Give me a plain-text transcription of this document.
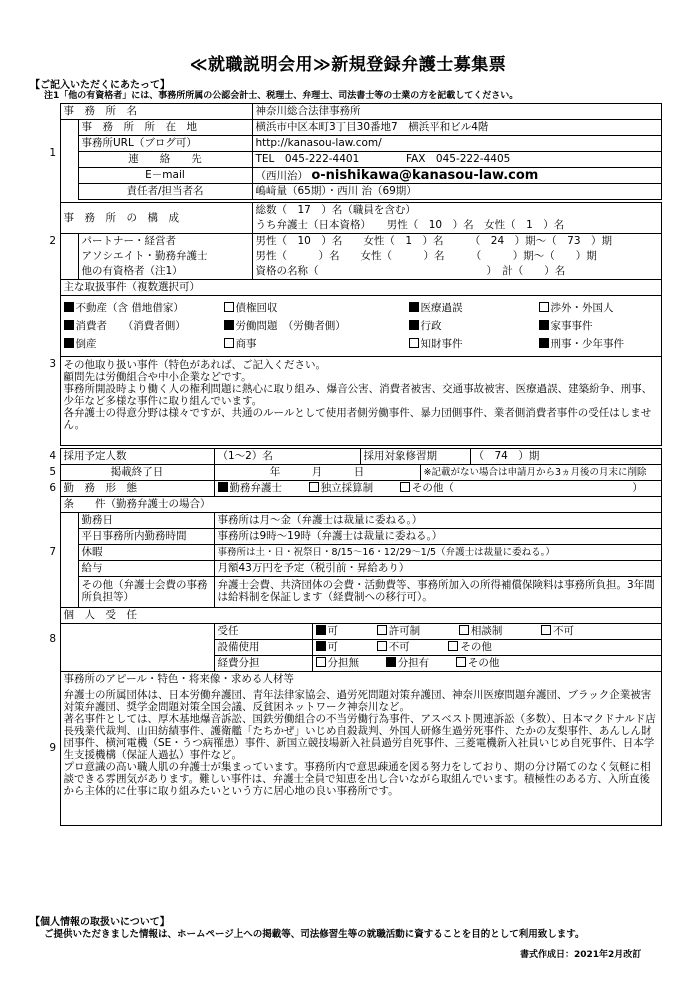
≪就職説明会用≫新規登録弁護士募集票
【ご記入いただくにあたって】
注1「他の有資格者」には、事務所所属の公認会計士、税理士、弁理士、司法書士等の士業の方を記載してください。
1	事　務　所　名			神奈川総合法律事務所				
		事　務　所　所　在　地		横浜市中区本町3丁目30番地7　横浜平和ビル4階				
		事務所URL（ブログ可）		http://kanasou-law.com/				
		連　　絡　　先		TEL　045-222-4401 FAX　045-222-4405				
		E－mail		（西川治） o-nishikawa@kanasou-law.com				
		責任者/担当者名		嶋﨑量（65期）・西川 治（69期）				

2	事　務　所　の　構　成			総数（　17　）名（職員を含む）				
				うち弁護士（日本資格）　　男性（　10　）名　女性（　1　）名				
		パートナー・経営者		男性（　10　）名　　女性（　1　）名　　　（　24　）期～（　73　）期				
		アソシエイト・勤務弁護士		男性（　　　）名　　女性（　　　）名　　　（　　　）期～（　　）期				
		他の有資格者（注1）		資格の名称（　　　　　　　　　　　　　　　　）　計（　　）名				
3	主な取扱事件（複数選択可）							

	不動産（含 借地借家） 債権回収 医療過誤 渉外・外国人
消費者　　（消費者側） 労働問題　（労働者側） 行政 家事事件
倒産 商事 知財事件 刑事・少年事件							

	その他取り扱い事件（特色があれば、ご記入ください。
顧問先は労働組合や中小企業などです。
事務所開設時より働く人の権利問題に熱心に取り組み、爆音公害、消費者被害、交通事故被害、医療過誤、建築紛争、刑事、少年など多様な事件に取り組んでいます。
各弁護士の得意分野は様々ですが、共通のルールとして使用者側労働事件、暴力団側事件、業者側消費者事件の受任はしません。							

4	採用予定人数		（1～2）名			採用対象修習期		（　74　）期
5	掲載終了日		年　　　月　　　日				※記載がない場合は申請月から3ヵ月後の月末に削除	
6	勤　務　形　態		勤務弁護士 独立採算制 その他（　　　　　　　　　　　　　　　　　）					
7	条　　件（勤務弁護士の場合）							
		勤務日	事務所は月～金（弁護士は裁量に委ねる。）					
		平日事務所内勤務時間	事務所は9時～19時（弁護士は裁量に委ねる。）					
		休暇	事務所は土・日・祝祭日・8/15～16・12/29～1/5（弁護士は裁量に委ねる。）					
		給与	月額43万円を予定（税引前・昇給あり）					
		その他（弁護士会費の事務所負担等）	弁護士会費、共済団体の会費・活動費等、事務所加入の所得補償保険料は事務所負担。3年間は給料制を保証します（経費制への移行可）。					
8	個　人　受　任							
			受任		可 許可制 相談制 不可			
			設備使用		可 不可 その他			
			経費分担		分担無 分担有 その他			
9	事務所のアピール・特色・将来像・求める人材等							
	弁護士の所属団体は、日本労働弁護団、青年法律家協会、過労死問題対策弁護団、神奈川医療問題弁護団、ブラック企業被害対策弁護団、奨学金問題対策全国会議、反貧困ネットワーク神奈川など。
著名事件としては、厚木基地爆音訴訟、国鉄労働組合の不当労働行為事件、アスベスト関連訴訟（多数）、日本マクドナルド店長残業代裁判、山田紡績事件、護衛艦「たちかぜ」いじめ自殺裁判、外国人研修生過労死事件、たかの友梨事件、あんしん財団事件、横河電機（SE・うつ病罹患）事件、新国立競技場新入社員過労自死事件、三菱電機新入社員いじめ自死事件、日本学生支援機構（保証人過払）事件など。
プロ意識の高い職人肌の弁護士が集まっています。事務所内で意思疎通を図る努力をしており、期の分け隔てのなく気軽に相談できる雰囲気があります。難しい事件は、弁護士全員で知恵を出し合いながら取組んでいます。積極性のある方、入所直後から主体的に仕事に取り組みたいという方に居心地の良い事務所です。							
【個人情報の取扱いについて】
ご提供いただきました情報は、ホームページ上への掲載等、司法修習生等の就職活動に資することを目的として利用致します。
書式作成日：2021年2月改訂
